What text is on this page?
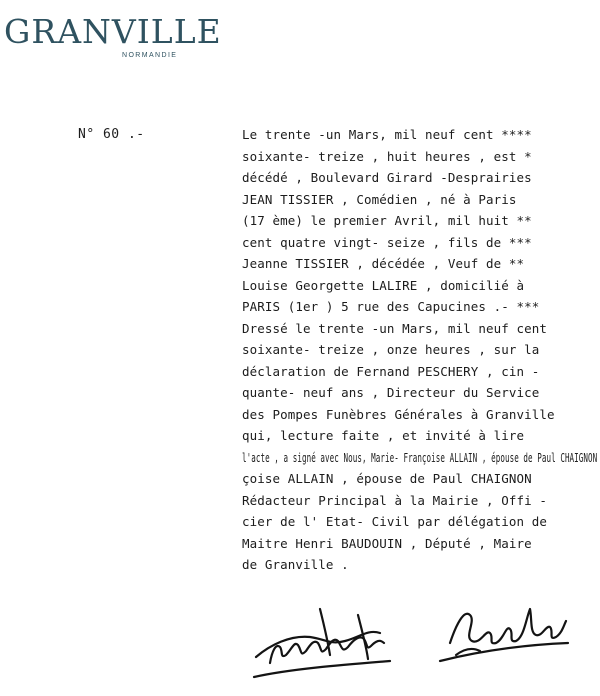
GRANVILLE
NORMANDIE
N° 60 .-	Le trente -un Mars, mil neuf cent ****
soixante- treize , huit heures , est *
décédé , Boulevard Girard -Desprairies
JEAN TISSIER , Comédien , né à Paris
(17 ème) le premier Avril, mil huit **
cent quatre vingt- seize , fils de ***
Jeanne TISSIER , décédée , Veuf de **
Louise Georgette LALIRE , domicilié à
PARIS (1er ) 5 rue des Capucines .- ***
Dressé le trente -un Mars, mil neuf cent
soixante- treize , onze heures , sur la
déclaration de Fernand PESCHERY , cin -
quante- neuf ans , Directeur du Service
des Pompes Funèbres Générales à Granville
qui, lecture faite , et invité à lire
l'acte , a signé avec Nous, Marie- Françoise ALLAIN , épouse de Paul CHAIGNON
çoise ALLAIN , épouse de Paul CHAIGNON
Rédacteur Principal à la Mairie , Offi -
cier de l' Etat- Civil par délégation de
Maitre Henri BAUDOUIN , Député , Maire
de Granville .
